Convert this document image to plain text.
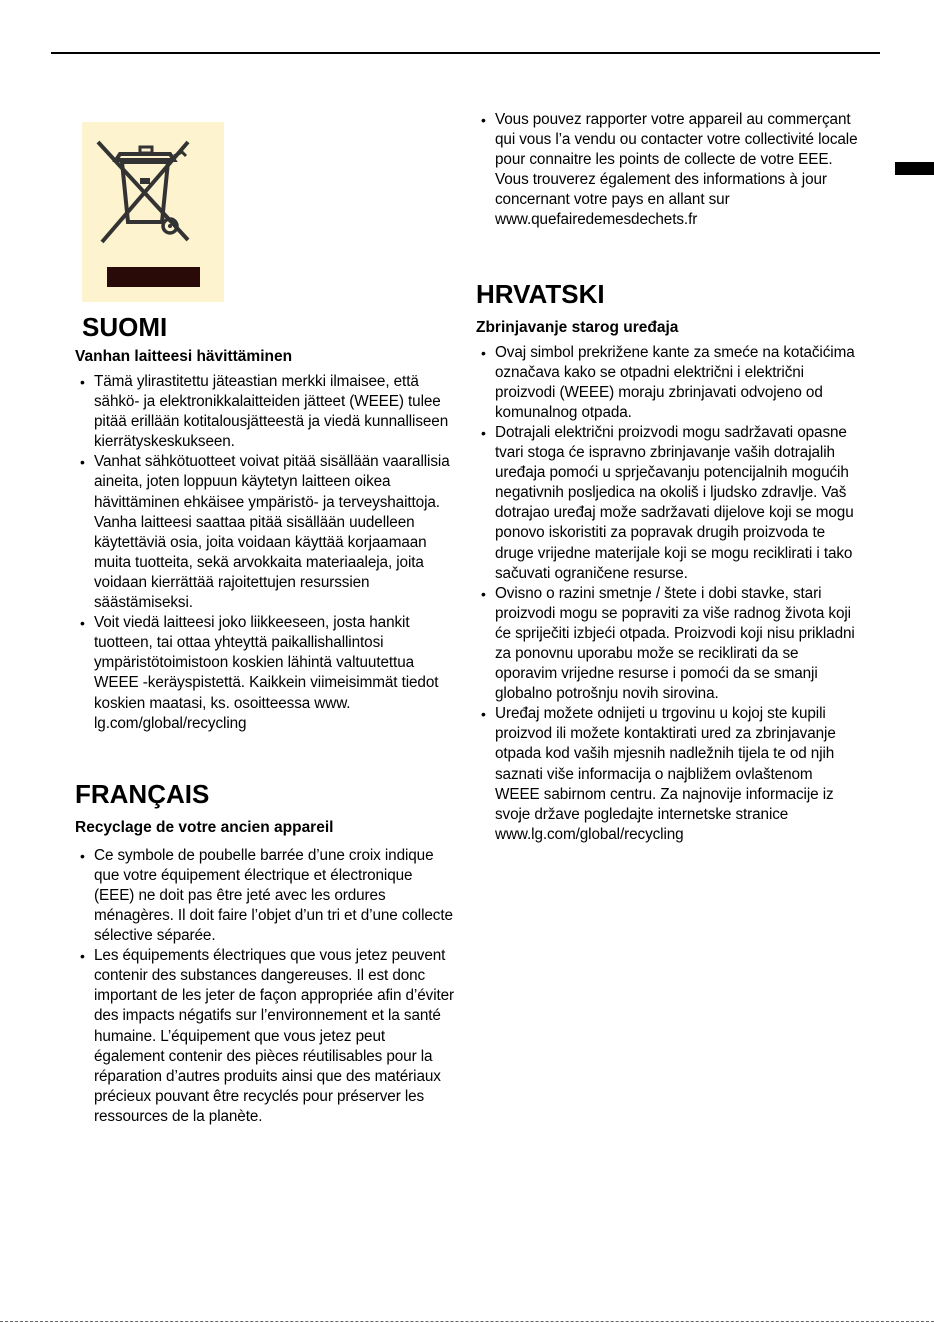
SUOMI
Vanhan laitteesi hävittäminen
• Tämä ylirastitettu jäteastian merkki ilmaisee, että sähkö- ja elektronikkalaitteiden jätteet (WEEE) tulee pitää erillään kotitalousjätteestä ja viedä kunnalliseen kierrätyskeskukseen.
• Vanhat sähkötuotteet voivat pitää sisällään vaarallisia aineita, joten loppuun käytetyn laitteen oikea hävittäminen ehkäisee ympäristö- ja terveyshaittoja. Vanha laitteesi saattaa pitää sisällään uudelleen käytettäviä osia, joita voidaan käyttää korjaamaan muita tuotteita, sekä arvokkaita materiaaleja, joita voidaan kierrättää rajoitettujen resurssien säästämiseksi.
• Voit viedä laitteesi joko liikkeeseen, josta hankit tuotteen, tai ottaa yhteyttä paikallishallintosi ympäristötoimistoon koskien lähintä valtuutettua WEEE -keräyspistettä. Kaikkein viimeisimmät tiedot koskien maatasi, ks. osoitteessa www. lg.com/global/recycling
FRANÇAIS
Recyclage de votre ancien appareil
• Ce symbole de poubelle barrée d’une croix indique que votre équipement électrique et électronique (EEE) ne doit pas être jeté avec les ordures ménagères. Il doit faire l’objet d’un tri et d’une collecte sélective séparée.
• Les équipements électriques que vous jetez peuvent contenir des substances dangereuses. Il est donc important de les jeter de façon appropriée afin d’éviter des impacts négatifs sur l’environnement et la santé humaine. L’équipement que vous jetez peut également contenir des pièces réutilisables pour la réparation d’autres produits ainsi que des matériaux précieux pouvant être recyclés pour préserver les ressources de la planète.
• Vous pouvez rapporter votre appareil au commerçant qui vous l’a vendu ou contacter votre collectivité locale pour connaitre les points de collecte de votre EEE. Vous trouverez également des informations à jour concernant votre pays en allant sur www.quefairedemesdechets.fr
HRVATSKI
Zbrinjavanje starog uređaja
• Ovaj simbol prekrižene kante za smeće na kotačićima označava kako se otpadni električni i električni proizvodi (WEEE) moraju zbrinjavati odvojeno od komunalnog otpada.
• Dotrajali električni proizvodi mogu sadržavati opasne tvari stoga će ispravno zbrinjavanje vaših dotrajalih uređaja pomoći u sprječavanju potencijalnih mogućih negativnih posljedica na okoliš i ljudsko zdravlje. Vaš dotrajao uređaj može sadržavati dijelove koji se mogu ponovo iskoristiti za popravak drugih proizvoda te druge vrijedne materijale koji se mogu reciklirati i tako sačuvati ograničene resurse.
• Ovisno o razini smetnje / štete i dobi stavke, stari proizvodi mogu se popraviti za više radnog života koji će spriječiti izbjeći otpada. Proizvodi koji nisu prikladni za ponovnu uporabu može se reciklirati da se oporavim vrijedne resurse i pomoći da se smanji globalno potrošnju novih sirovina.
• Uređaj možete odnijeti u trgovinu u kojoj ste kupili proizvod ili možete kontaktirati ured za zbrinjavanje otpada kod vaših mjesnih nadležnih tijela te od njih saznati više informacija o najbližem ovlaštenom WEEE sabirnom centru. Za najnovije informacije iz svoje države pogledajte internetske stranice www.lg.com/global/recycling
